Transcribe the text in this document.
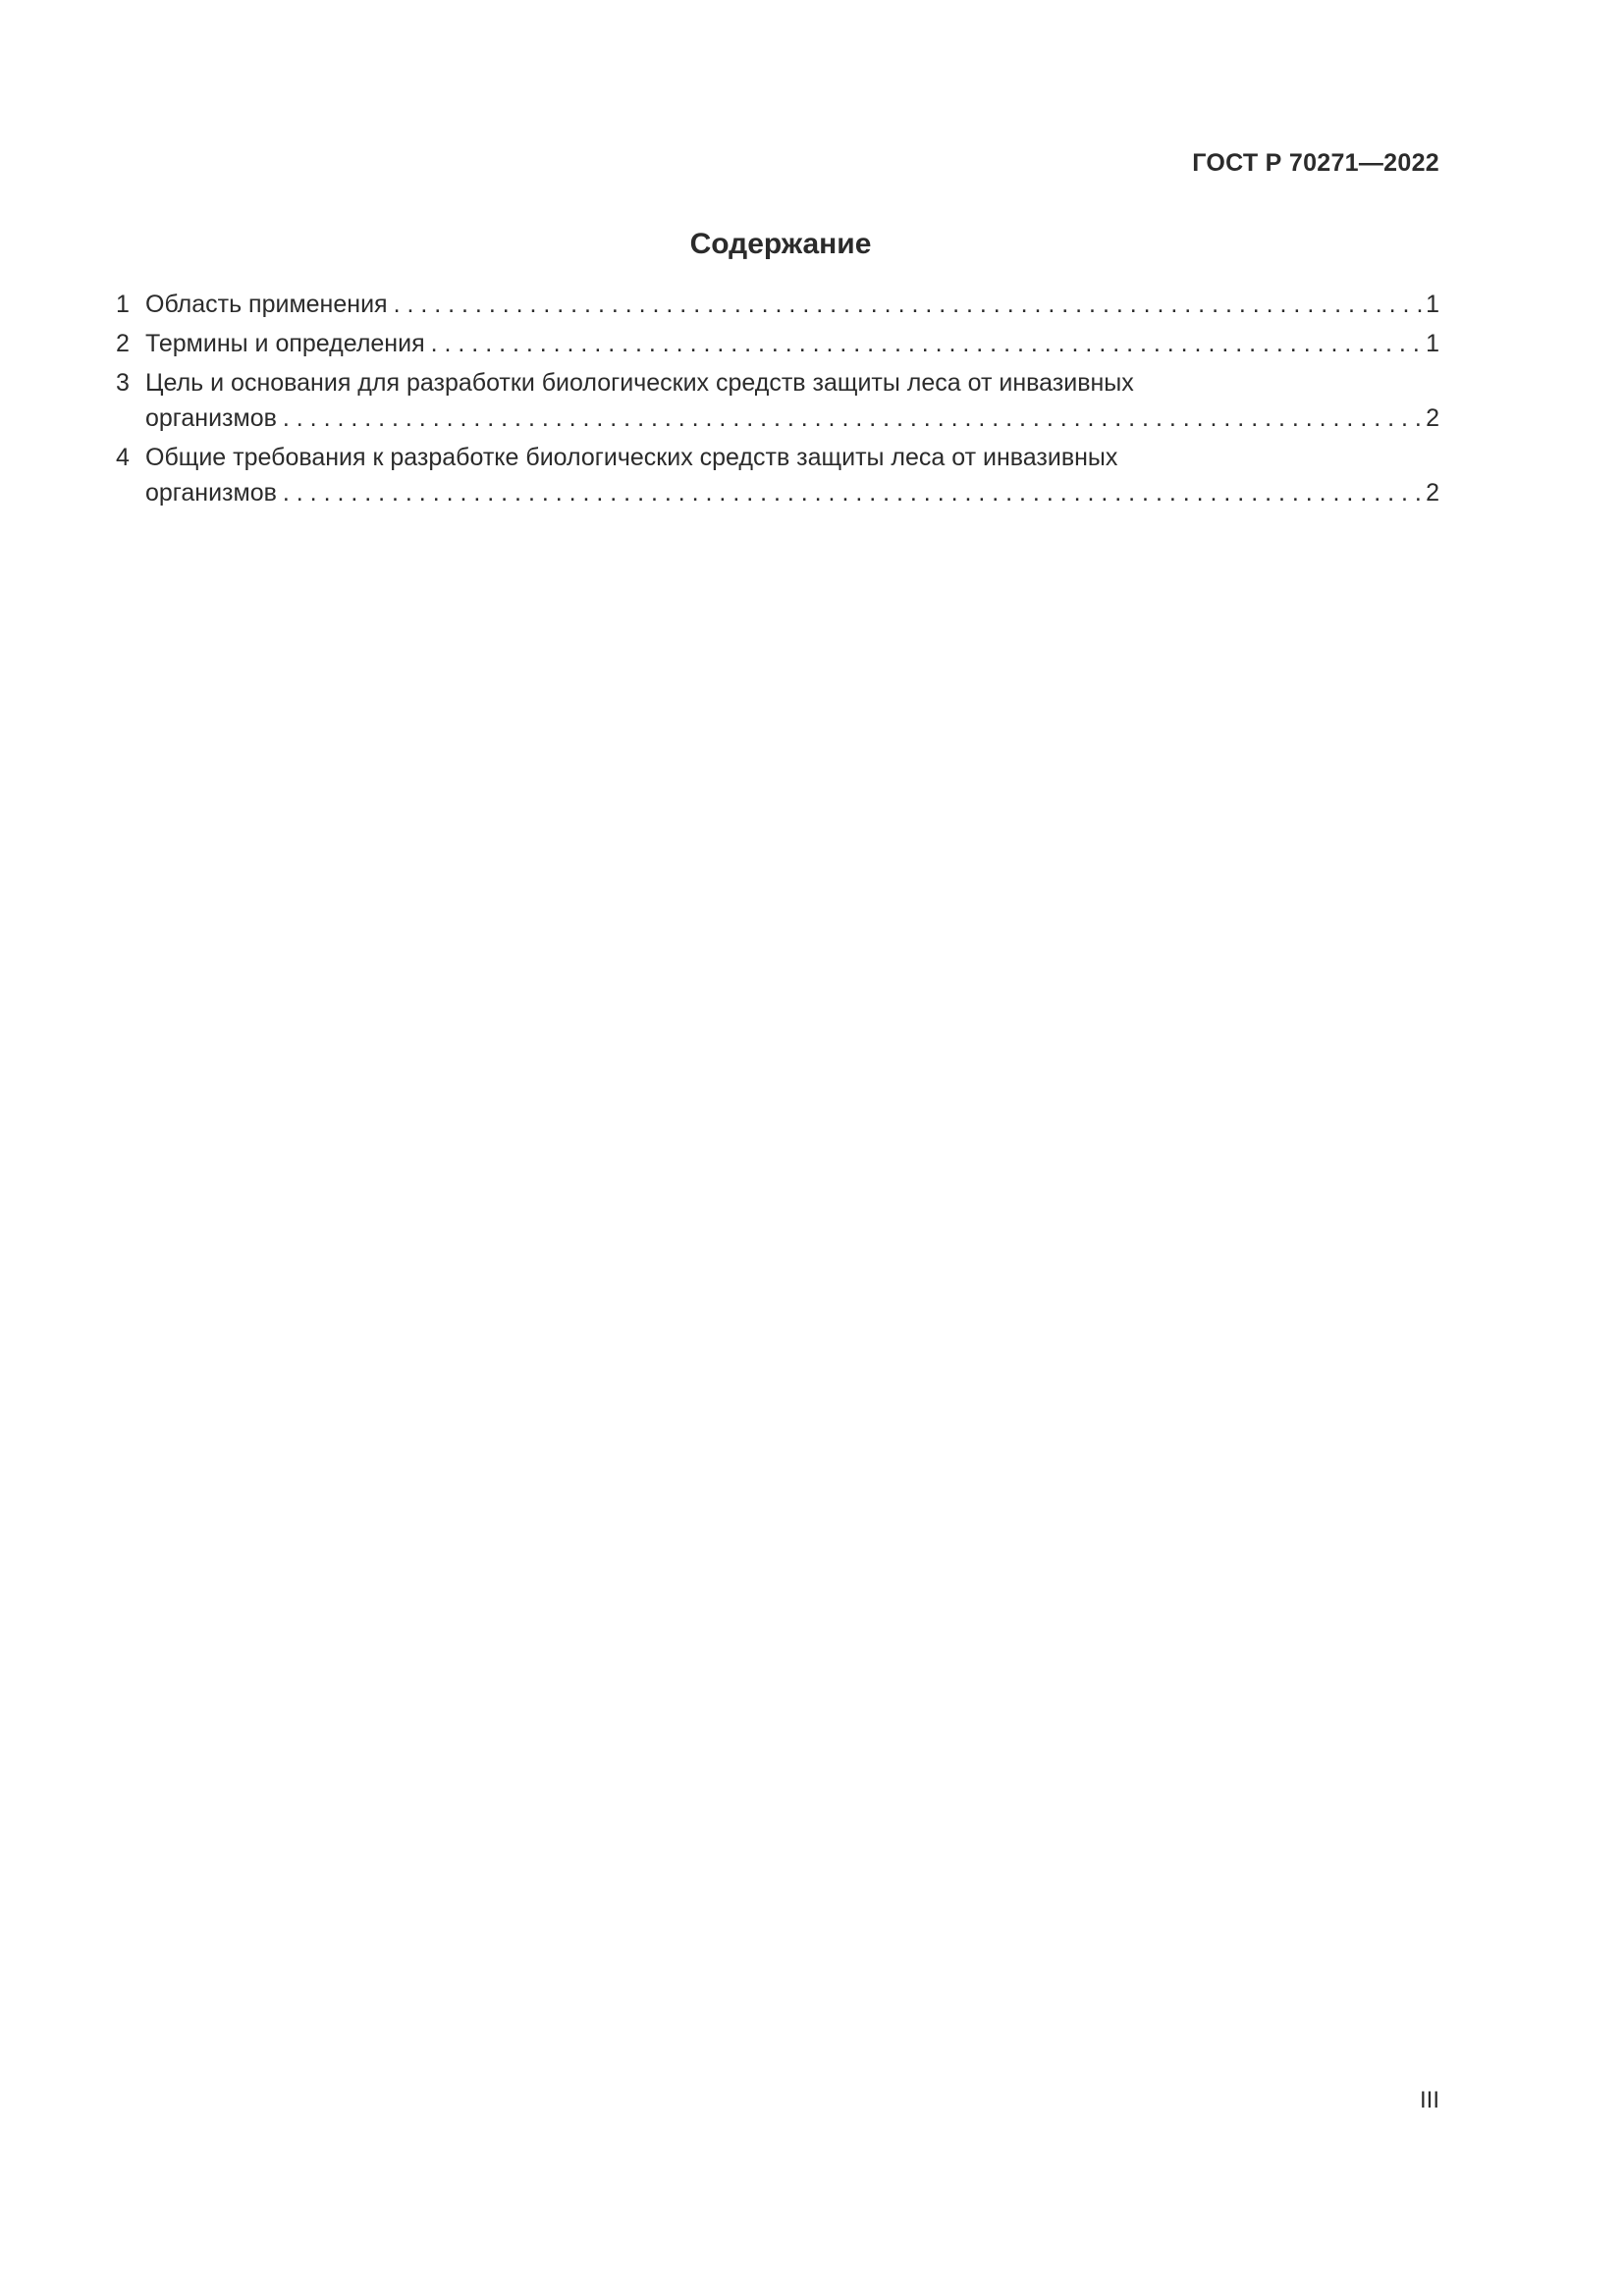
ГОСТ Р 70271—2022
Содержание
1 Область применения . . .	1
2 Термины и определения . . .	1
3 Цель и основания для разработки биологических средств защиты леса от инвазивных
организмов . . .	2
4 Общие требования к разработке биологических средств защиты леса от инвазивных
организмов . . .	2
III
